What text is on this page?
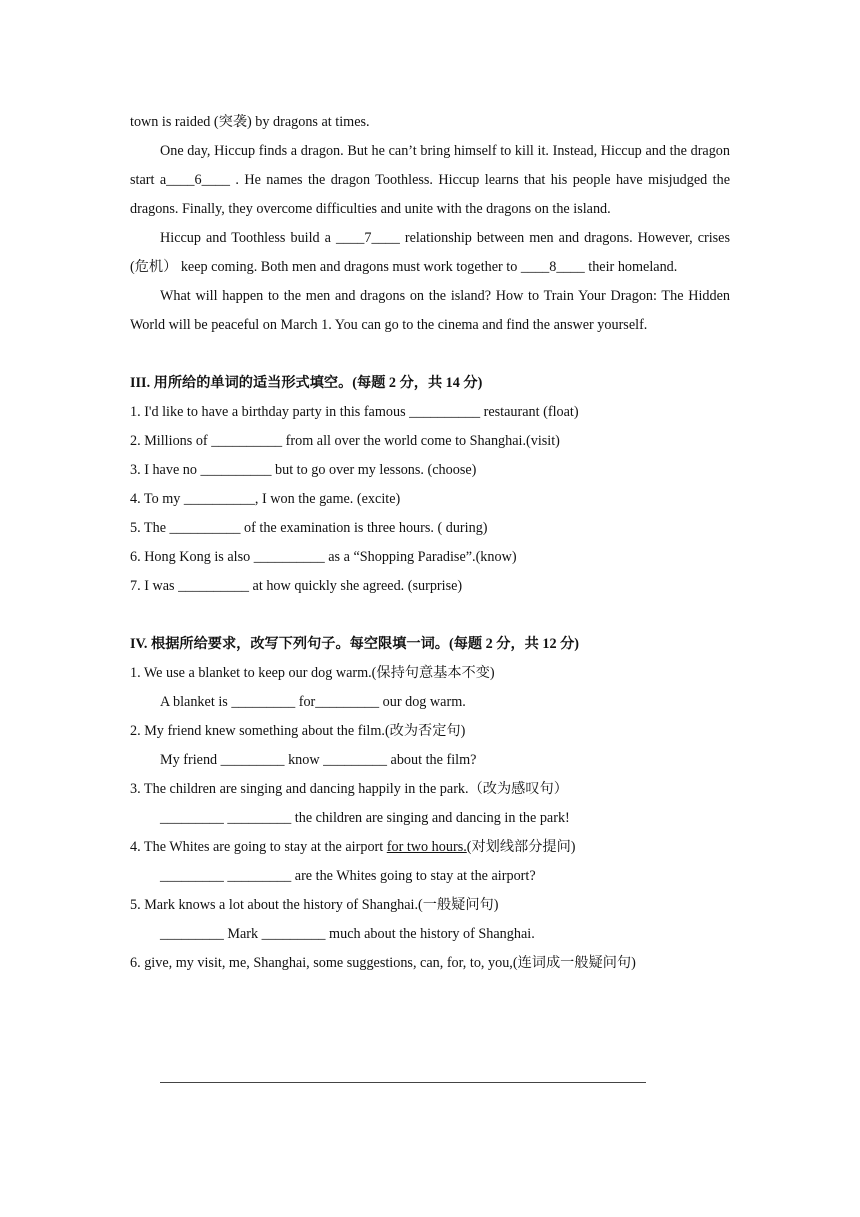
town is raided (突袭) by dragons at times.

One day, Hiccup finds a dragon. But he can’t bring himself to kill it. Instead, Hiccup and the dragon start a____6____ . He names the dragon Toothless. Hiccup learns that his people have misjudged the dragons. Finally, they overcome difficulties and unite with the dragons on the island.

Hiccup and Toothless build a ____7____ relationship between men and dragons. However, crises (危机） keep coming. Both men and dragons must work together to ____8____ their homeland.

What will happen to the men and dragons on the island? How to Train Your Dragon: The Hidden World will be peaceful on March 1. You can go to the cinema and find the answer yourself.

III. 用所给的单词的适当形式填空。(每题 2 分，共 14 分)

1. I'd like to have a birthday party in this famous __________ restaurant (float)

2. Millions of __________ from all over the world come to Shanghai.(visit)

3. I have no __________ but to go over my lessons. (choose)

4. To my __________, I won the game. (excite)

5. The __________ of the examination is three hours. ( during)

6. Hong Kong is also __________ as a “Shopping Paradise”.(know)

7. I was __________ at how quickly she agreed. (surprise)

IV. 根据所给要求，改写下列句子。每空限填一词。(每题 2 分，共 12 分)

1. We use a blanket to keep our dog warm.(保持句意基本不变)

A blanket is _________ for_________ our dog warm.

2. My friend knew something about the film.(改为否定句)

My friend _________ know _________ about the film?

3. The children are singing and dancing happily in the park.（改为感叹句）

_________ _________ the children are singing and dancing in the park!

4. The Whites are going to stay at the airport for two hours.(对划线部分提问)

_________ _________ are the Whites going to stay at the airport?

5. Mark knows a lot about the history of Shanghai.(一般疑问句)

_________ Mark _________ much about the history of Shanghai.

6. give, my visit, me, Shanghai, some suggestions, can, for, to, you,(连词成一般疑问句)
